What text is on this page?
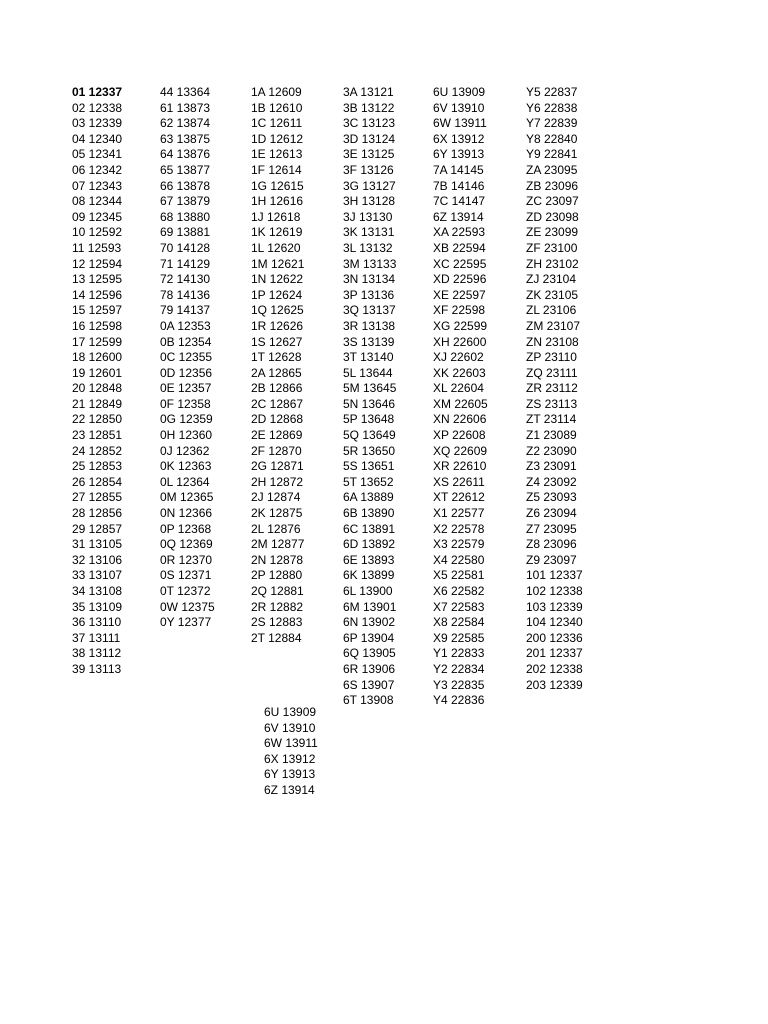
01 12337
02 12338
03 12339
04 12340
05 12341
06 12342
07 12343
08 12344
09 12345
10 12592
11 12593
12 12594
13 12595
14 12596
15 12597
16 12598
17 12599
18 12600
19 12601
20 12848
21 12849
22 12850
23 12851
24 12852
25 12853
26 12854
27 12855
28 12856
29 12857
31 13105
32 13106
33 13107
34 13108
35 13109
36 13110
37 13111
38 13112
39 13113
44 13364
61 13873
62 13874
63 13875
64 13876
65 13877
66 13878
67 13879
68 13880
69 13881
70 14128
71 14129
72 14130
78 14136
79 14137
0A 12353
0B 12354
0C 12355
0D 12356
0E 12357
0F 12358
0G 12359
0H 12360
0J 12362
0K 12363
0L 12364
0M 12365
0N 12366
0P 12368
0Q 12369
0R 12370
0S 12371
0T 12372
0W 12375
0Y 12377
1A 12609
1B 12610
1C 12611
1D 12612
1E 12613
1F 12614
1G 12615
1H 12616
1J 12618
1K 12619
1L 12620
1M 12621
1N 12622
1P 12624
1Q 12625
1R 12626
1S 12627
1T 12628
2A 12865
2B 12866
2C 12867
2D 12868
2E 12869
2F 12870
2G 12871
2H 12872
2J 12874
2K 12875
2L 12876
2M 12877
2N 12878
2P 12880
2Q 12881
2R 12882
2S 12883
2T 12884
3A 13121
3B 13122
3C 13123
3D 13124
3E 13125
3F 13126
3G 13127
3H 13128
3J 13130
3K 13131
3L 13132
3M 13133
3N 13134
3P 13136
3Q 13137
3R 13138
3S 13139
3T 13140
5L 13644
5M 13645
5N 13646
5P 13648
5Q 13649
5R 13650
5S 13651
5T 13652
6A 13889
6B 13890
6C 13891
6D 13892
6E 13893
6K 13899
6L 13900
6M 13901
6N 13902
6P 13904
6Q 13905
6R 13906
6S 13907
6T 13908
6U 13909
6V 13910
6W 13911
6X 13912
6Y 13913
7A 14145
7B 14146
7C 14147
6Z 13914
XA 22593
XB 22594
XC 22595
XD 22596
XE 22597
XF 22598
XG 22599
XH 22600
XJ 22602
XK 22603
XL 22604
XM 22605
XN 22606
XP 22608
XQ 22609
XR 22610
XS 22611
XT 22612
X1 22577
X2 22578
X3 22579
X4 22580
X5 22581
X6 22582
X7 22583
X8 22584
X9 22585
Y1 22833
Y2 22834
Y3 22835
Y4 22836
Y5 22837
Y6 22838
Y7 22839
Y8 22840
Y9 22841
ZA 23095
ZB 23096
ZC 23097
ZD 23098
ZE 23099
ZF 23100
ZH 23102
ZJ 23104
ZK 23105
ZL 23106
ZM 23107
ZN 23108
ZP 23110
ZQ 23111
ZR 23112
ZS 23113
ZT 23114
Z1 23089
Z2 23090
Z3 23091
Z4 23092
Z5 23093
Z6 23094
Z7 23095
Z8 23096
Z9 23097
101 12337
102 12338
103 12339
104 12340
200 12336
201 12337
202 12338
203 12339
6U 13909
6V 13910
6W 13911
6X 13912
6Y 13913
6Z 13914
